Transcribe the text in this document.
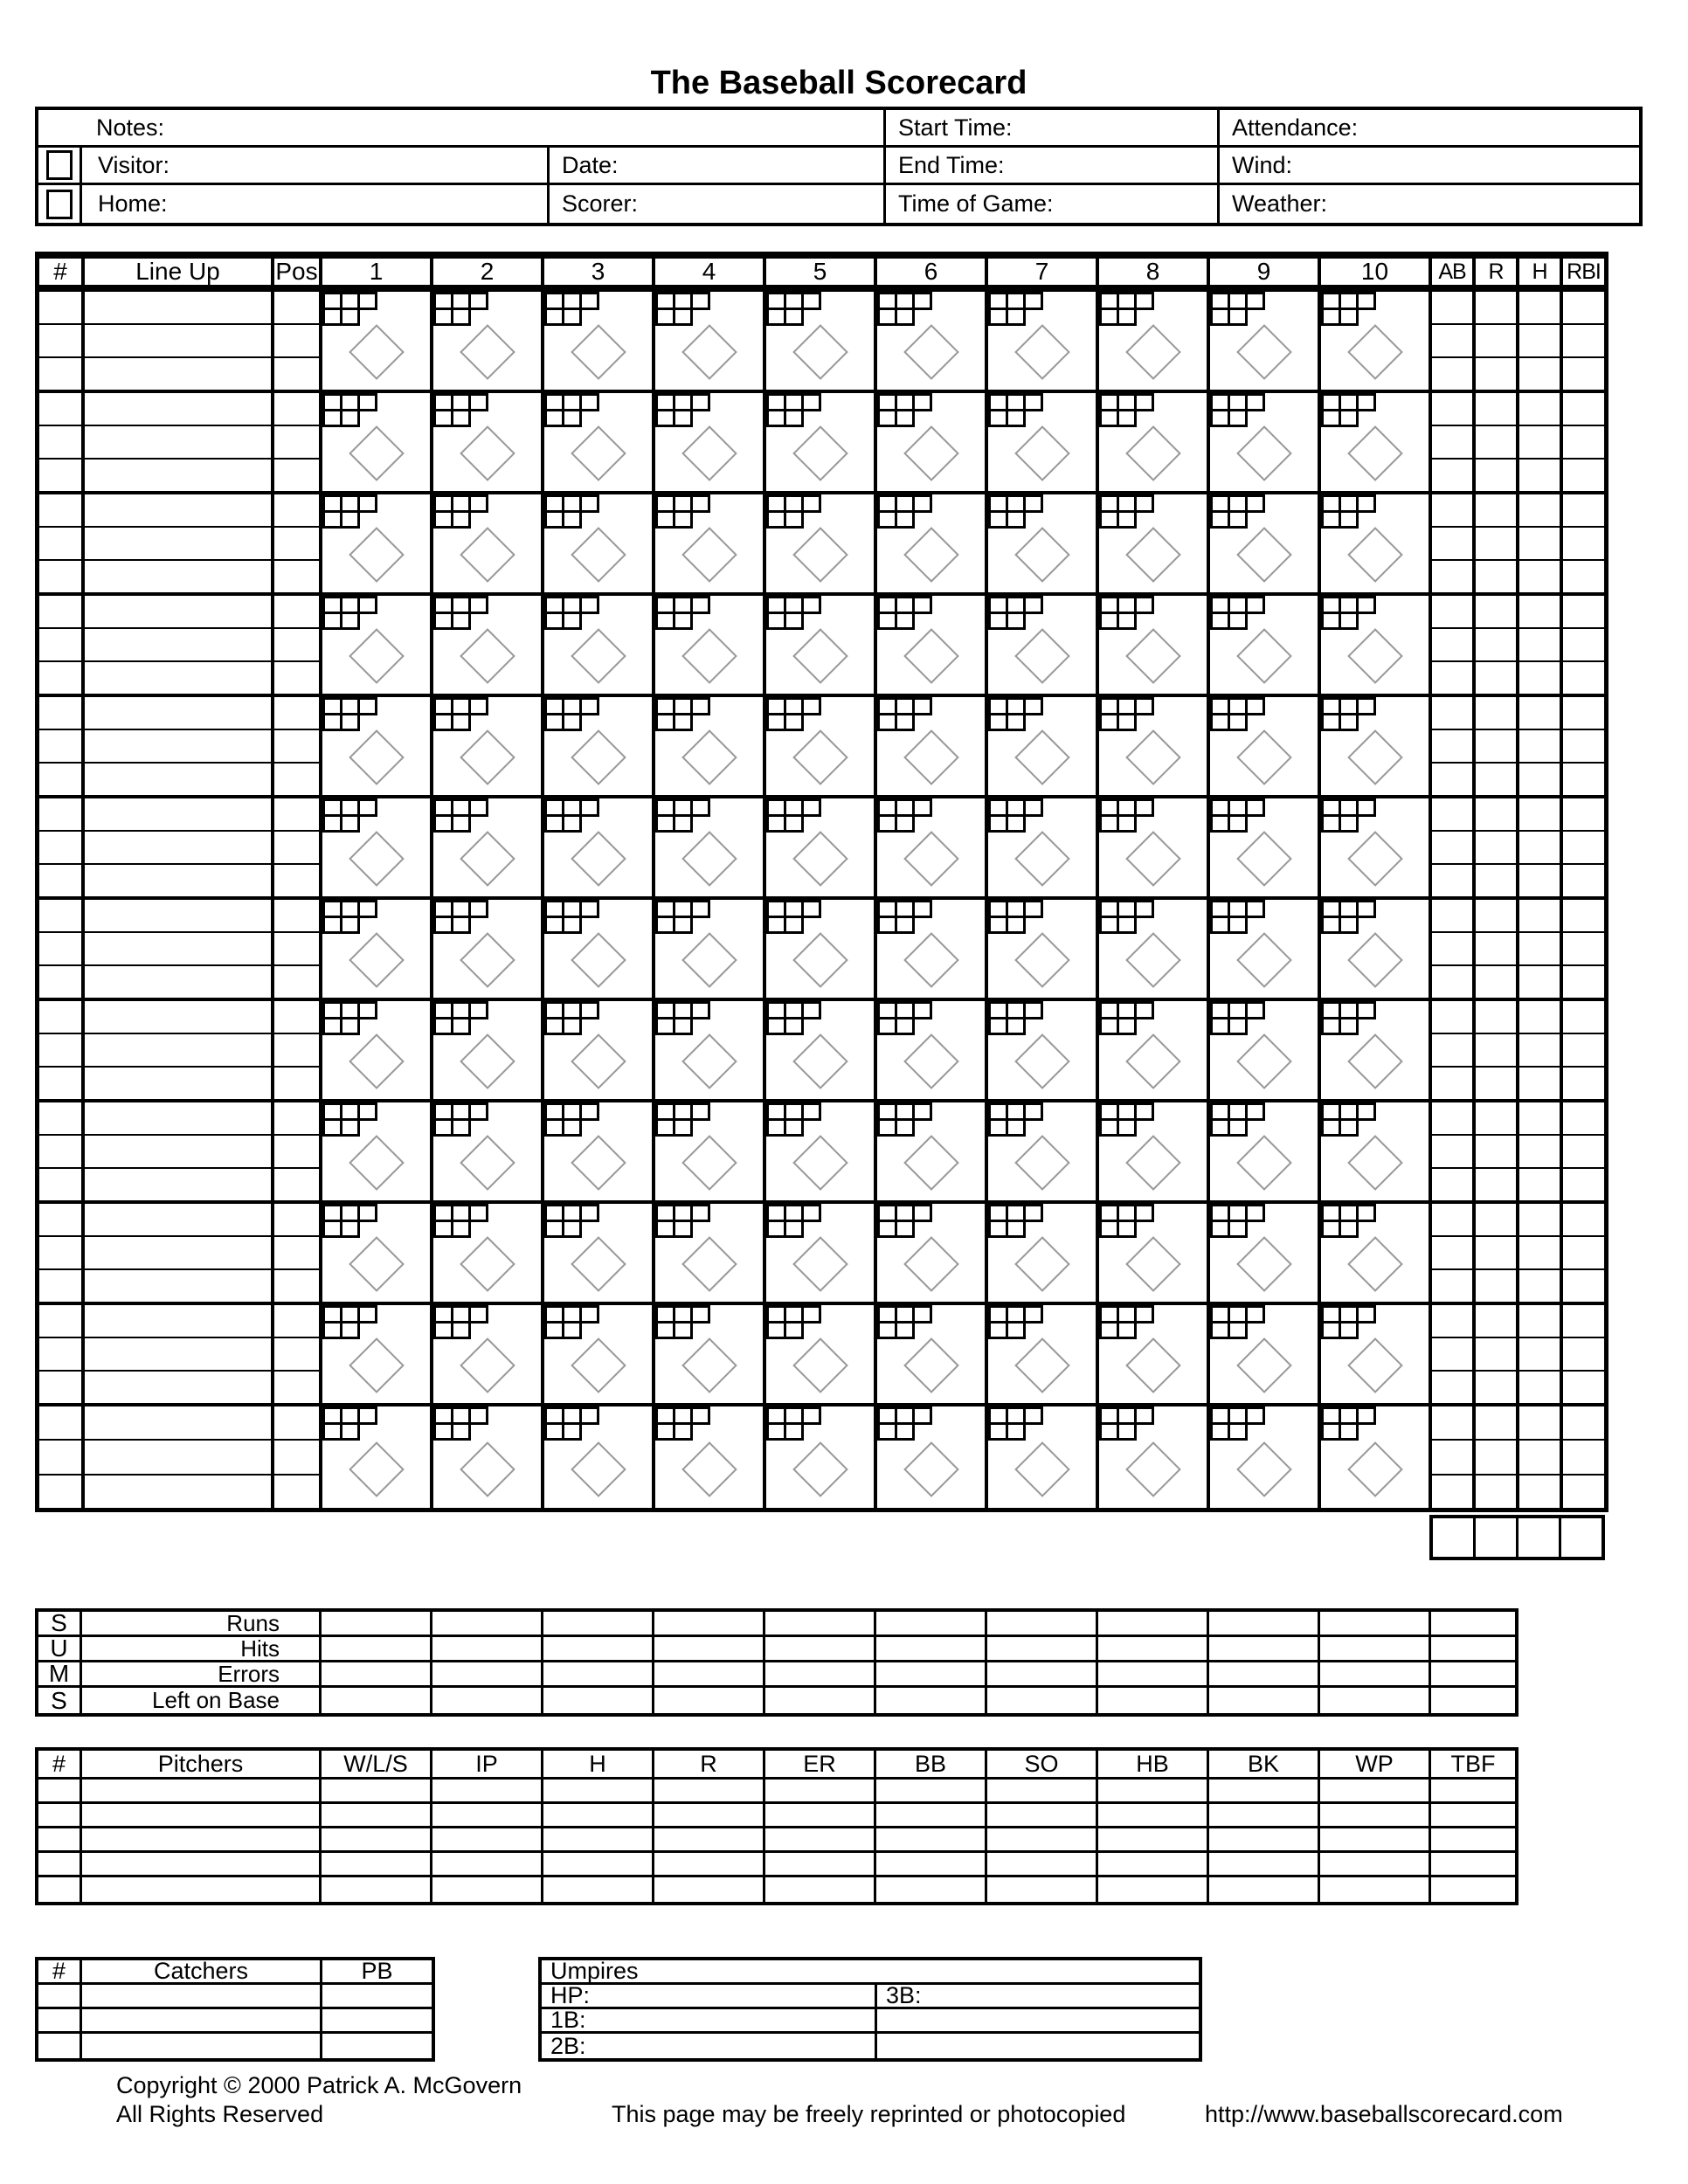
The Baseball Scorecard
Notes:	Start Time:	Attendance:
Visitor:	Date:	End Time:	Wind:
Home:	Scorer:	Time of Game:	Weather:
#	Line Up	Pos	1	2	3	4	5	6	7	8	9	10	AB	R	H RBI
S	Runs
U	Hits
M	Errors
S	Left on Base
#	Pitchers	W/L/S	IP	H	R	ER	BB	SO	HB	BK	WP	TBF
#	Catchers	PB	Umpires
HP:	3B:
1B:
2B:
Copyright © 2000 Patrick A. McGovern
All Rights Reserved	This page may be freely reprinted or photocopied	http://www.baseballscorecard.com
